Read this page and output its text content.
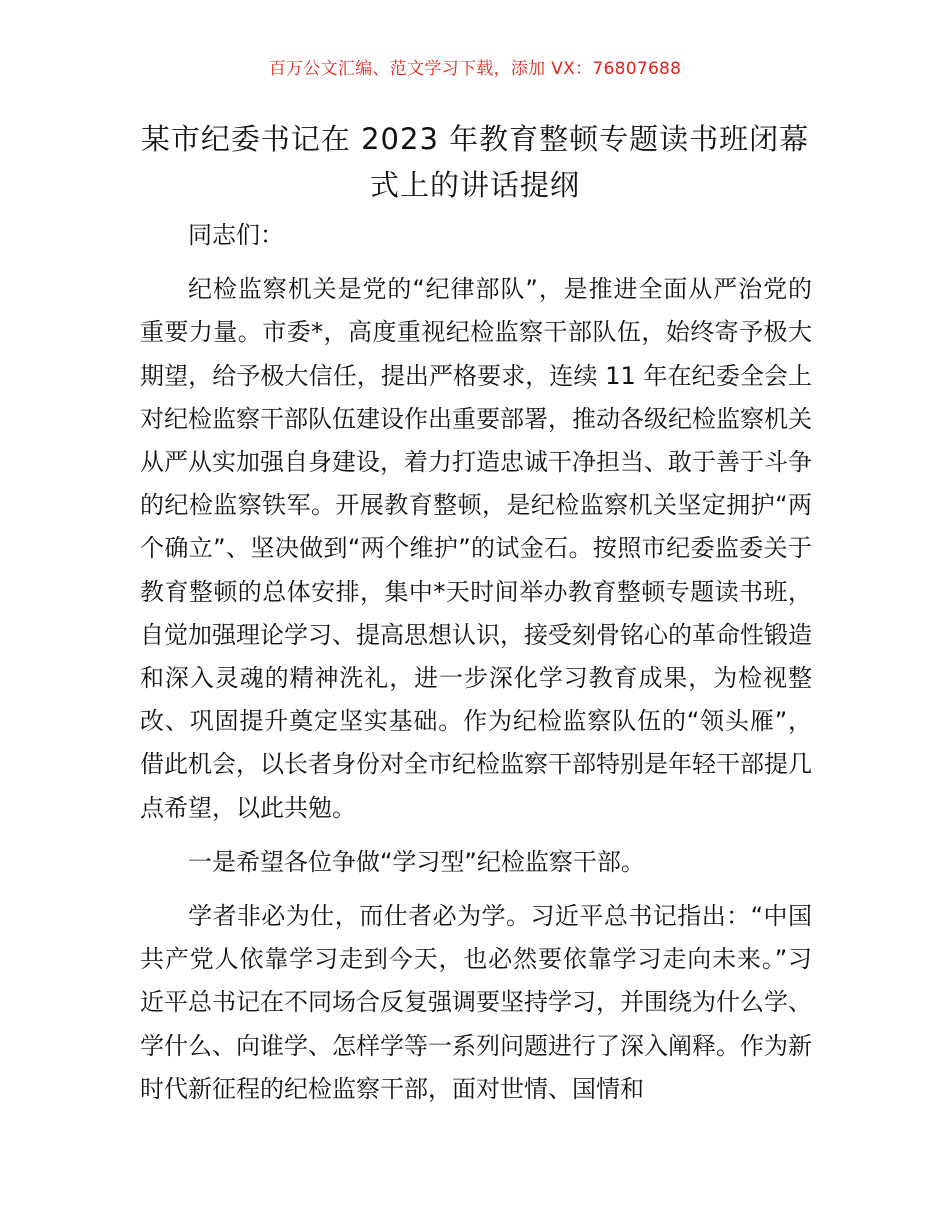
百万公文汇编、范文学习下载，添加 VX：76807688
某市纪委书记在 2023 年教育整顿专题读书班闭幕式上的讲话提纲

同志们：

纪检监察机关是党的“纪律部队”，是推进全面从严治党的重要力量。市委*，高度重视纪检监察干部队伍，始终寄予极大期望，给予极大信任，提出严格要求，连续 11 年在纪委全会上对纪检监察干部队伍建设作出重要部署，推动各级纪检监察机关从严从实加强自身建设，着力打造忠诚干净担当、敢于善于斗争的纪检监察铁军。开展教育整顿，是纪检监察机关坚定拥护“两个确立”、坚决做到“两个维护”的试金石。按照市纪委监委关于教育整顿的总体安排，集中*天时间举办教育整顿专题读书班，自觉加强理论学习、提高思想认识，接受刻骨铭心的革命性锻造和深入灵魂的精神洗礼，进一步深化学习教育成果，为检视整改、巩固提升奠定坚实基础。作为纪检监察队伍的“领头雁”，借此机会，以长者身份对全市纪检监察干部特别是年轻干部提几点希望，以此共勉。

一是希望各位争做“学习型”纪检监察干部。

学者非必为仕，而仕者必为学。习近平总书记指出：“中国共产党人依靠学习走到今天，也必然要依靠学习走向未来。”习近平总书记在不同场合反复强调要坚持学习，并围绕为什么学、学什么、向谁学、怎样学等一系列问题进行了深入阐释。作为新时代新征程的纪检监察干部，面对世情、国情和
